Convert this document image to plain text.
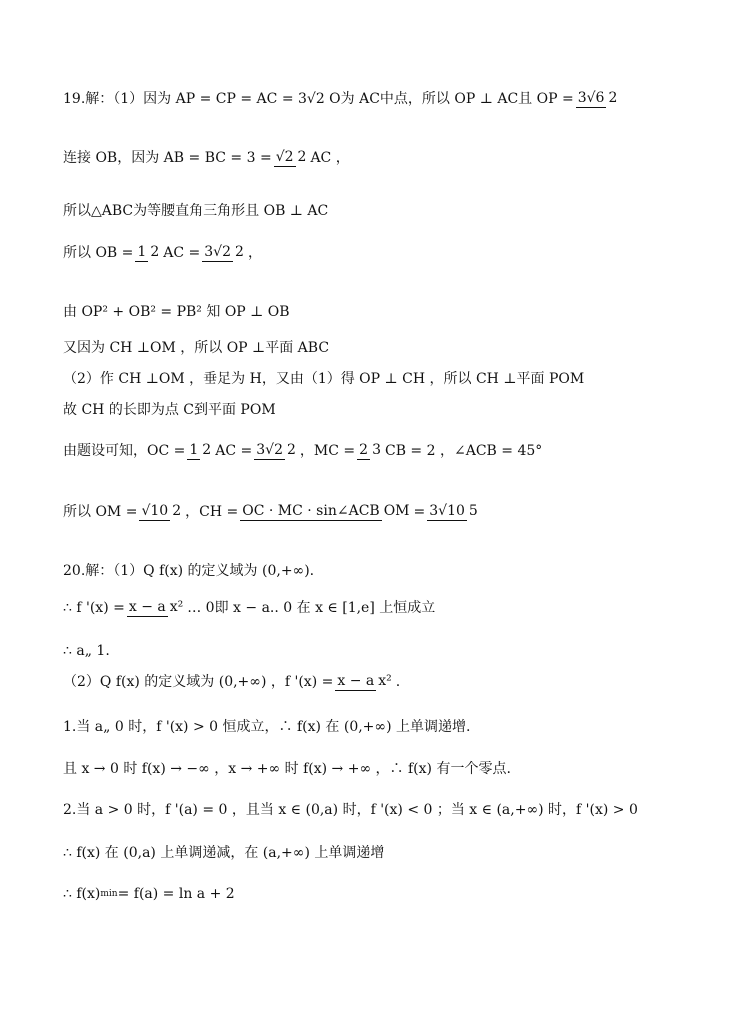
19.解：（1）因为 AP = CP = AC = 3√2 O为 AC中点，所以 OP ⊥ AC且 OP = 3√6 2
连接 OB，因为 AB = BC = 3 = √2 2 AC ，
所以△ABC为等腰直角三角形且 OB ⊥ AC
所以 OB = 1 2 AC = 3√2 2 ，
由 OP² + OB² = PB² 知 OP ⊥ OB
又因为 CH ⊥OM ，所以 OP ⊥平面 ABC
（2）作 CH ⊥OM ，垂足为 H，又由（1）得 OP ⊥ CH ，所以 CH ⊥平面 POM
故 CH 的长即为点 C到平面 POM
由题设可知，OC = 1 2 AC = 3√2 2 ，MC = 2 3 CB = 2 ，∠ACB = 45°
所以 OM = √10 2 ，CH = OC · MC · sin∠ACB OM = 3√10 5
20.解：（1）Q f(x) 的定义域为 (0,+∞).
∴ f '(x) = x − a x² … 0即 x − a.. 0 在 x ∈ [1,e] 上恒成立
∴ a„ 1.
（2）Q f(x) 的定义域为 (0,+∞) ，f '(x) = x − a x² .
1.当 a„ 0 时，f '(x) > 0 恒成立，∴ f(x) 在 (0,+∞) 上单调递增.
且 x → 0 时 f(x) → −∞ ，x → +∞ 时 f(x) → +∞ ，∴ f(x) 有一个零点.
2.当 a > 0 时，f '(a) = 0 ，且当 x ∈ (0,a) 时，f '(x) < 0 ；当 x ∈ (a,+∞) 时，f '(x) > 0
∴ f(x) 在 (0,a) 上单调递减，在 (a,+∞) 上单调递增
∴ f(x) min = f(a) = ln a + 2
